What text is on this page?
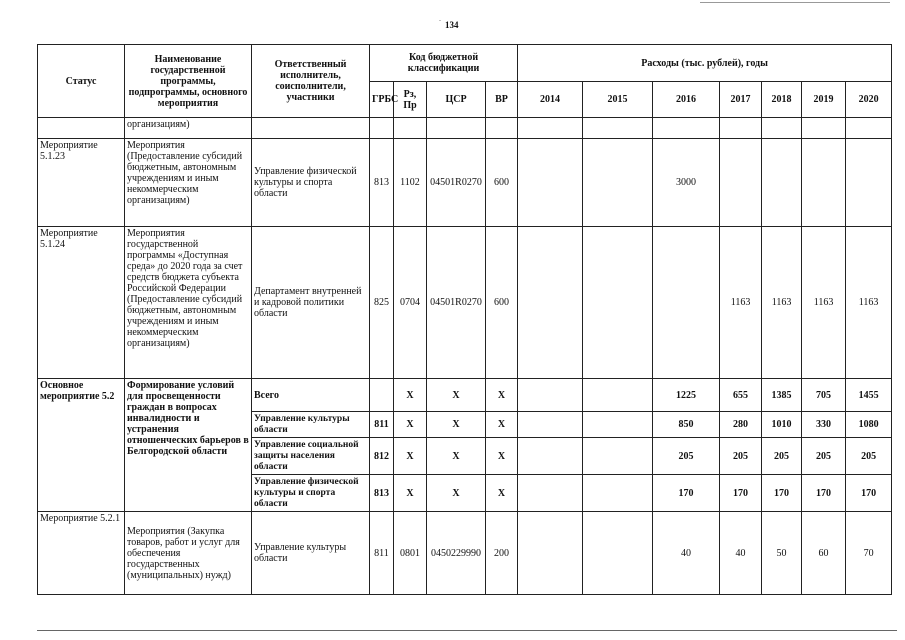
.
134
Статус	Наименование государственной программы, подпрограммы, основного мероприятия	Ответственный исполнитель, соисполнители, участники	Код бюджетной классификации				Расходы (тыс. рублей), годы						
			ГРБС	Рз, Пр	ЦСР	ВР	2014	2015	2016	2017	2018	2019	2020
	организациям)												
Мероприятие 5.1.23	Мероприятия (Предоставление субсидий бюджетным, автономным учреждениям и иным некоммерческим организациям)	Управление физической культуры и спорта области	813	1102	04501R0270	600			3000				
Мероприятие 5.1.24	Мероприятия государственной программы «Доступная среда» до 2020 года за счет средств бюджета субъекта Российской Федерации (Предоставление субсидий бюджетным, автономным учреждениям и иным некоммерческим организациям)	Департамент внутренней и кадровой политики области	825	0704	04501R0270	600				1163	1163	1163	1163
Основное мероприятие 5.2	Формирование условий для просвещенности граждан в вопросах инвалидности и устранения отношенческих барьеров в Белгородской области	Всего		X	X	X			1225	655	1385	705	1455
		Управление культуры области	811	X	X	X			850	280	1010	330	1080
		Управление социальной защиты населения области	812	X	X	X			205	205	205	205	205
		Управление физической культуры и спорта области	813	X	X	X			170	170	170	170	170
Мероприятие 5.2.1	Мероприятия (Закупка товаров, работ и услуг для обеспечения государственных (муниципальных) нужд)	Управление культуры области	811	0801	0450229990	200			40	40	50	60	70
